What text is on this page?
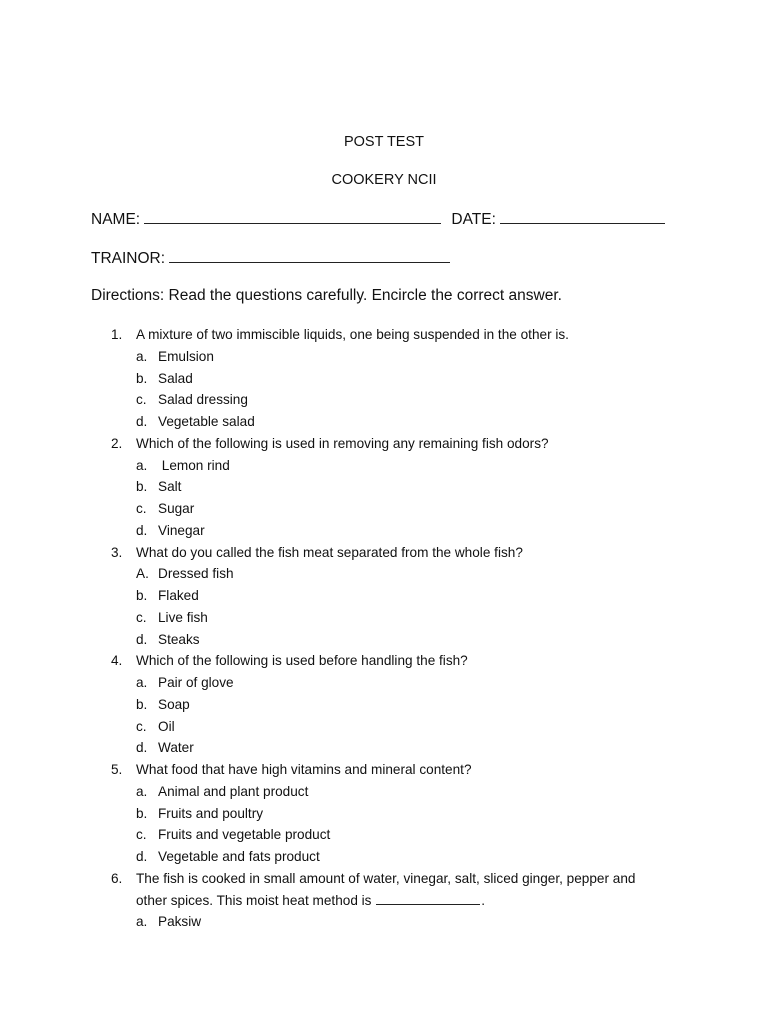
POST TEST
COOKERY NCII
NAME:	DATE:
TRAINOR:
Directions: Read the questions carefully. Encircle the correct answer.
1. A mixture of two immiscible liquids, one being suspended in the other is.
a. Emulsion
b. Salad
c. Salad dressing
d. Vegetable salad
2. Which of the following is used in removing any remaining fish odors?
a. Lemon rind
b. Salt
c. Sugar
d. Vinegar
3. What do you called the fish meat separated from the whole fish?
A. Dressed fish
b. Flaked
c. Live fish
d. Steaks
4. Which of the following is used before handling the fish?
a. Pair of glove
b. Soap
c. Oil
d. Water
5. What food that have high vitamins and mineral content?
a. Animal and plant product
b. Fruits and poultry
c. Fruits and vegetable product
d. Vegetable and fats product
6. The fish is cooked in small amount of water, vinegar, salt, sliced ginger, pepper and
other spices. This moist heat method is	.
a. Paksiw
